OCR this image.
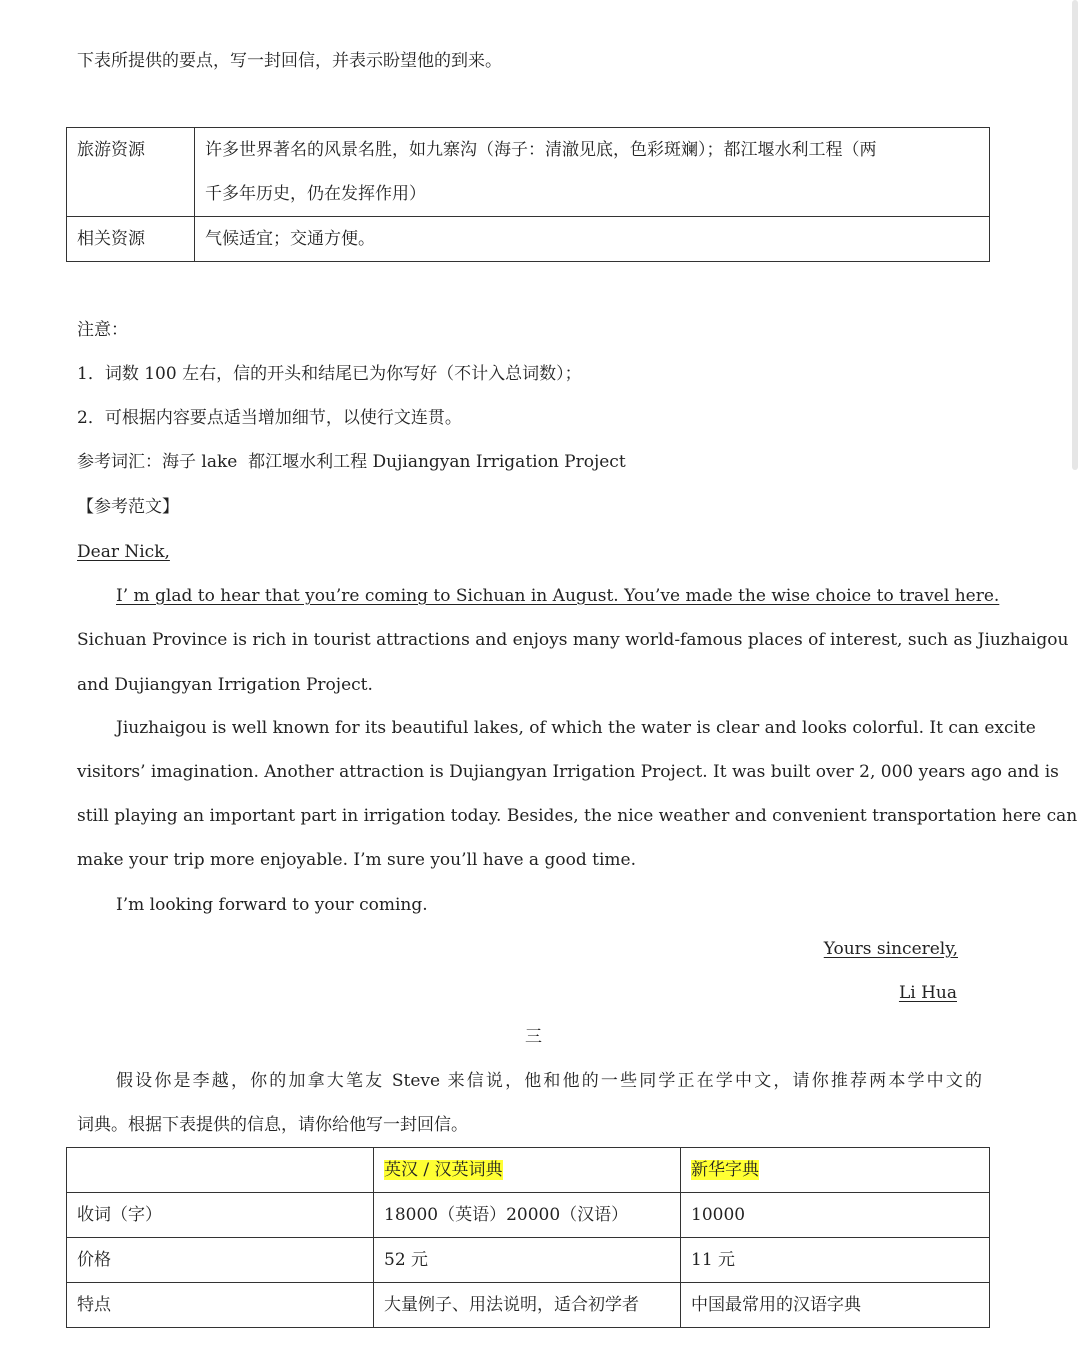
下表所提供的要点，写一封回信，并表示盼望他的到来。
旅游资源	许多世界著名的风景名胜，如九寨沟（海子：清澈见底，色彩斑斓）；都江堰水利工程（两
千多年历史，仍在发挥作用）

相关资源	气候适宜；交通方便。
注意：
1．词数 100 左右，信的开头和结尾已为你写好（不计入总词数）；
2．可根据内容要点适当增加细节，以使行文连贯。
参考词汇：海子 lake  都江堰水利工程 Dujiangyan Irrigation Project
【参考范文】
Dear Nick,
I’ m glad to hear that you’re coming to Sichuan in August. You’ve made the wise choice to travel here.
Sichuan Province is rich in tourist attractions and enjoys many world-famous places of interest, such as Jiuzhaigou
and Dujiangyan Irrigation Project.
Jiuzhaigou is well known for its beautiful lakes, of which the water is clear and looks colorful. It can excite
visitors’ imagination. Another attraction is Dujiangyan Irrigation Project. It was built over 2, 000 years ago and is
still playing an important part in irrigation today. Besides, the nice weather and convenient transportation here can
make your trip more enjoyable. I’m sure you’ll have a good time.
I’m looking forward to your coming.
Yours sincerely,
Li Hua
三
假设你是李越，你的加拿大笔友 Steve 来信说，他和他的一些同学正在学中文，请你推荐两本学中文的
词典。根据下表提供的信息，请你给他写一封回信。
	英汉 / 汉英词典	新华字典
收词（字）	18000（英语）20000（汉语）	10000
价格	52 元	11 元
特点	大量例子、用法说明，适合初学者	中国最常用的汉语字典
